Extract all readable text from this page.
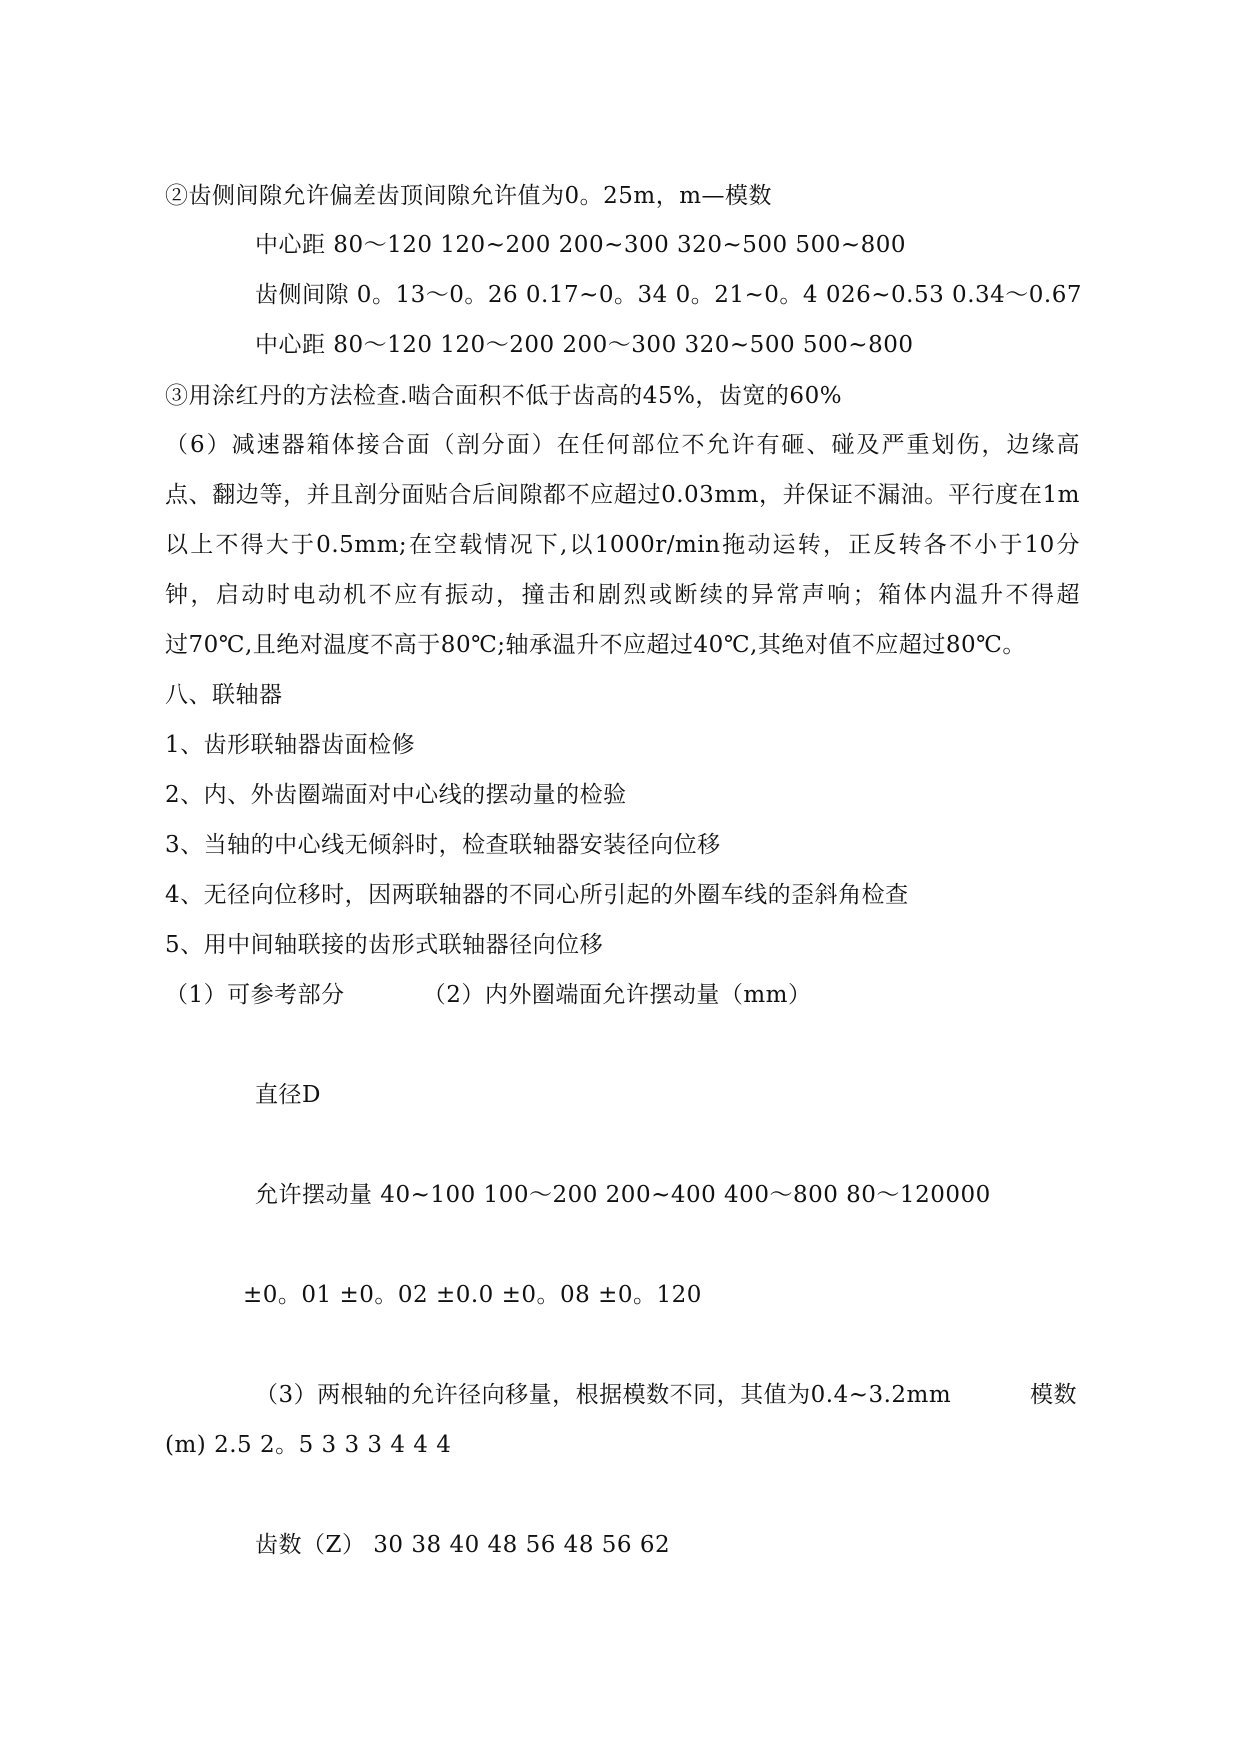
②齿侧间隙允许偏差齿顶间隙允许值为0。25m，m—模数
中心距 80～120 120~200 200~300 320~500 500~800
齿侧间隙 0。13～0。26 0.17~0。34 0。21~0。4 026~0.53 0.34～0.67
中心距 80～120 120～200 200～300 320~500 500~800
③用涂红丹的方法检查.啮合面积不低于齿高的45%，齿宽的60%
（6）减速器箱体接合面（剖分面）在任何部位不允许有砸、碰及严重划伤，边缘高
点、翻边等，并且剖分面贴合后间隙都不应超过0.03mm，并保证不漏油。平行度在1m
以上不得大于0.5mm;在空载情况下,以1000r/min拖动运转，正反转各不小于10分
钟，启动时电动机不应有振动，撞击和剧烈或断续的异常声响；箱体内温升不得超
过70℃,且绝对温度不高于80℃;轴承温升不应超过40℃,其绝对值不应超过80℃。
八、联轴器
1、齿形联轴器齿面检修
2、内、外齿圈端面对中心线的摆动量的检验
3、当轴的中心线无倾斜时，检查联轴器安装径向位移
4、无径向位移时，因两联轴器的不同心所引起的外圈车线的歪斜角检查
5、用中间轴联接的齿形式联轴器径向位移
（1）可参考部分          （2）内外圈端面允许摆动量（mm）
直径D
允许摆动量 40~100 100～200 200~400 400～800 80～120000
±0。01 ±0。02 ±0.0 ±0。08 ±0。120
（3）两根轴的允许径向移量，根据模数不同，其值为0.4~3.2mm	模数
(m) 2.5 2。5 3 3 3 4 4 4
齿数（Z） 30 38 40 48 56 48 56 62
